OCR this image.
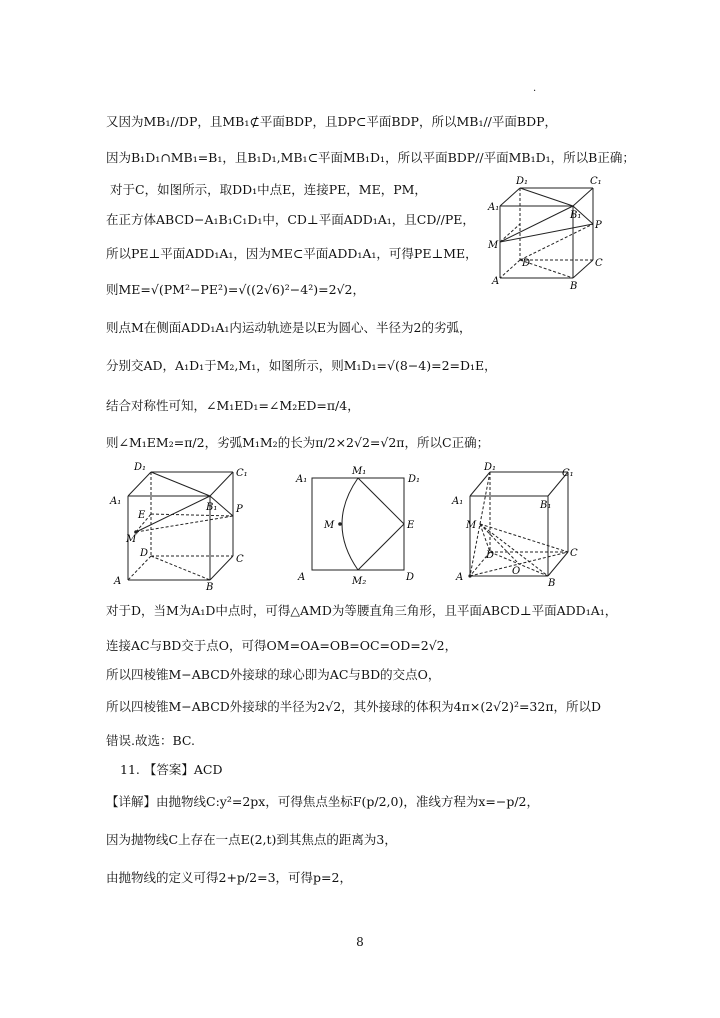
.
又因为MB₁//DP，且MB₁⊄平面BDP，且DP⊂平面BDP，所以MB₁//平面BDP，
因为B₁D₁∩MB₁=B₁，且B₁D₁,MB₁⊂平面MB₁D₁，所以平面BDP//平面MB₁D₁，所以B正确；
对于C，如图所示，取DD₁中点E，连接PE，ME，PM，
在正方体ABCD−A₁B₁C₁D₁中，CD⊥平面ADD₁A₁，且CD//PE，
所以PE⊥平面ADD₁A₁，因为ME⊂平面ADD₁A₁，可得PE⊥ME，
则ME=√(PM²−PE²)=√((2√6)²−4²)=2√2，
则点M在侧面ADD₁A₁内运动轨迹是以E为圆心、半径为2的劣弧，
分别交AD，A₁D₁于M₂,M₁，如图所示，则M₁D₁=√(8−4)=2=D₁E，
结合对称性可知，∠M₁ED₁=∠M₂ED=π/4，
则∠M₁EM₂=π/2，劣弧M₁M₂的长为π/2×2√2=√2π，所以C正确；
对于D，当M为A₁D中点时，可得△AMD为等腰直角三角形，且平面ABCD⊥平面ADD₁A₁，
连接AC与BD交于点O，可得OM=OA=OB=OC=OD=2√2，
所以四棱锥M−ABCD外接球的球心即为AC与BD的交点O，
所以四棱锥M−ABCD外接球的半径为2√2，其外接球的体积为4π×(2√2)²=32π，所以D
错误.故选：BC.
11. 【答案】ACD
【详解】由抛物线C:y²=2px，可得焦点坐标F(p/2,0)，准线方程为x=−p/2，
因为抛物线C上存在一点E(2,t)到其焦点的距离为3，
由抛物线的定义可得2+p/2=3，可得p=2，
D₁	C₁
A₁
B₁
P
M
D	C
A	B
D₁
C₁
A₁
B₁ P
E
M
D
C
A
B
A₁
M₁
D₁
M	E
A	M₂	D
D₁
C₁
A₁	B₁
M
D	C
O
A
B
8
